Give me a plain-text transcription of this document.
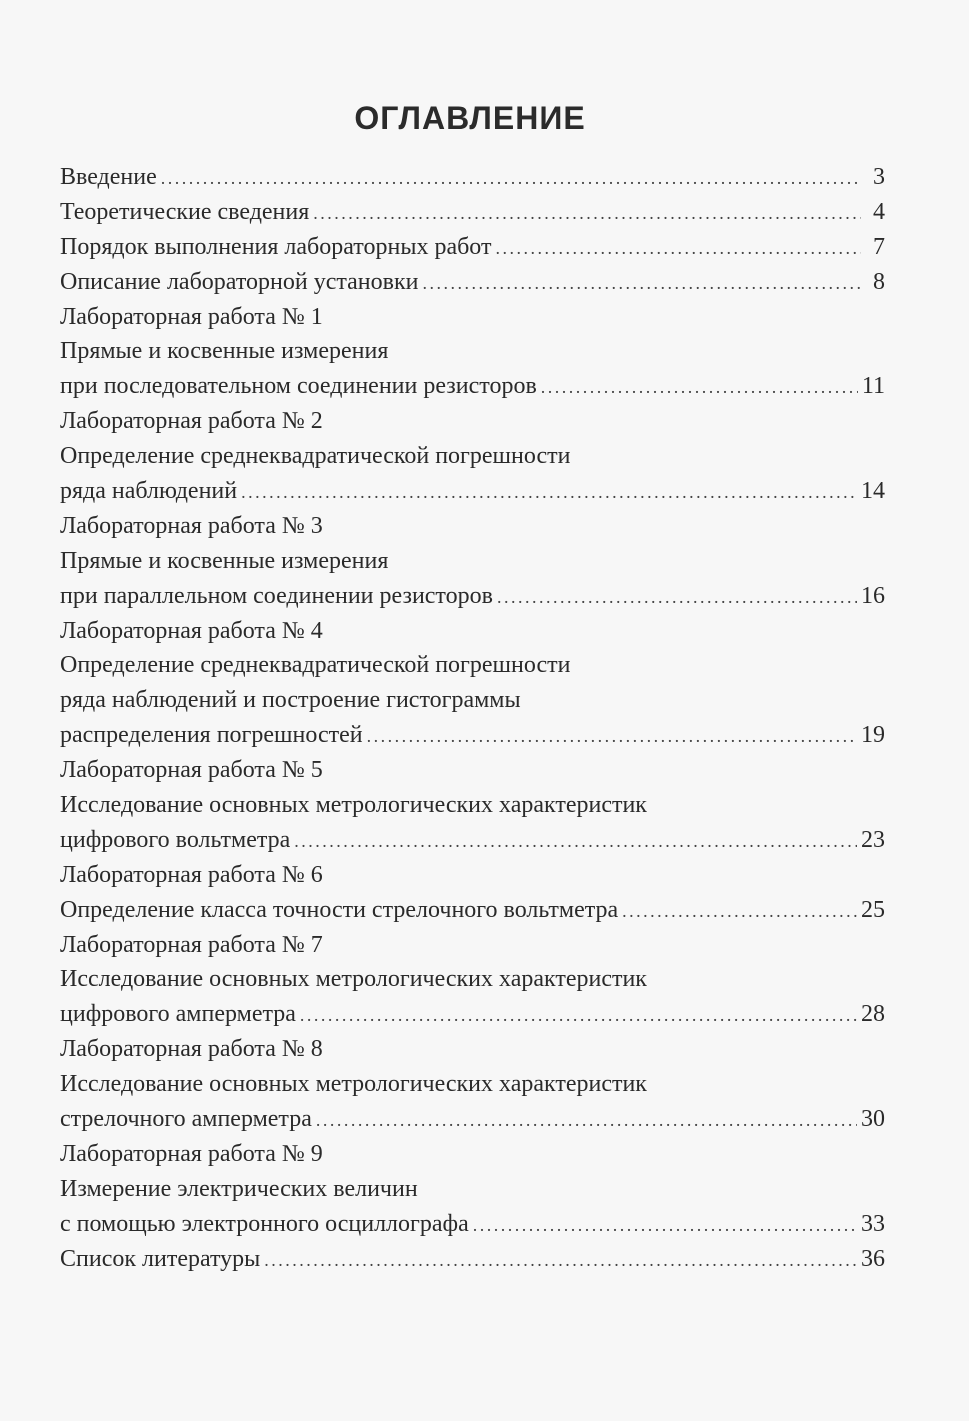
ОГЛАВЛЕНИЕ
Введение . . .	3
Теоретические сведения . . .	4
Порядок выполнения лабораторных работ . . .	7
Описание лабораторной установки . . .	8
Лабораторная работа № 1
Прямые и косвенные измерения
при последовательном соединении резисторов . . .	11
Лабораторная работа № 2
Определение среднеквадратической погрешности
ряда наблюдений . . .	14
Лабораторная работа № 3
Прямые и косвенные измерения
при параллельном соединении резисторов . . .	16
Лабораторная работа № 4
Определение среднеквадратической погрешности
ряда наблюдений и построение гистограммы
распределения погрешностей . . .	19
Лабораторная работа № 5
Исследование основных метрологических характеристик
цифрового вольтметра . . .	23
Лабораторная работа № 6
Определение класса точности стрелочного вольтметра . . .	25
Лабораторная работа № 7
Исследование основных метрологических характеристик
цифрового амперметра . . .	28
Лабораторная работа № 8
Исследование основных метрологических характеристик
стрелочного амперметра . . .	30
Лабораторная работа № 9
Измерение электрических величин
с помощью электронного осциллографа . . .	33
Список литературы . . .	36
